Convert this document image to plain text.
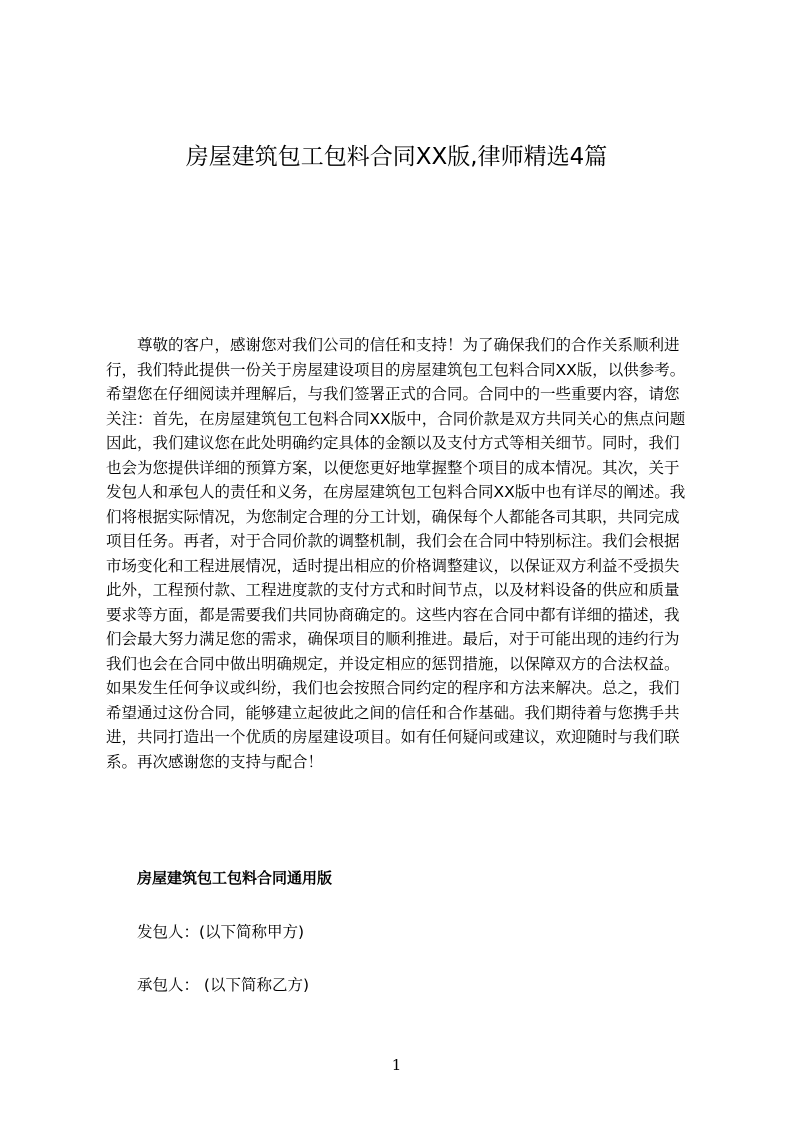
房屋建筑包工包料合同XX版,律师精选4篇
尊敬的客户，感谢您对我们公司的信任和支持！为了确保我们的合作关系顺利进
行，我们特此提供一份关于房屋建设项目的房屋建筑包工包料合同XX版，以供参考。
希望您在仔细阅读并理解后，与我们签署正式的合同。合同中的一些重要内容，请您
关注：首先，在房屋建筑包工包料合同XX版中，合同价款是双方共同关心的焦点问题
因此，我们建议您在此处明确约定具体的金额以及支付方式等相关细节。同时，我们
也会为您提供详细的预算方案，以便您更好地掌握整个项目的成本情况。其次，关于
发包人和承包人的责任和义务，在房屋建筑包工包料合同XX版中也有详尽的阐述。我
们将根据实际情况，为您制定合理的分工计划，确保每个人都能各司其职，共同完成
项目任务。再者，对于合同价款的调整机制，我们会在合同中特别标注。我们会根据
市场变化和工程进展情况，适时提出相应的价格调整建议，以保证双方利益不受损失
此外，工程预付款、工程进度款的支付方式和时间节点，以及材料设备的供应和质量
要求等方面，都是需要我们共同协商确定的。这些内容在合同中都有详细的描述，我
们会最大努力满足您的需求，确保项目的顺利推进。最后，对于可能出现的违约行为
我们也会在合同中做出明确规定，并设定相应的惩罚措施，以保障双方的合法权益。
如果发生任何争议或纠纷，我们也会按照合同约定的程序和方法来解决。总之，我们
希望通过这份合同，能够建立起彼此之间的信任和合作基础。我们期待着与您携手共
进，共同打造出一个优质的房屋建设项目。如有任何疑问或建议，欢迎随时与我们联
系。再次感谢您的支持与配合！
房屋建筑包工包料合同通用版
发包人：(以下简称甲方)
承包人： (以下简称乙方)
1
